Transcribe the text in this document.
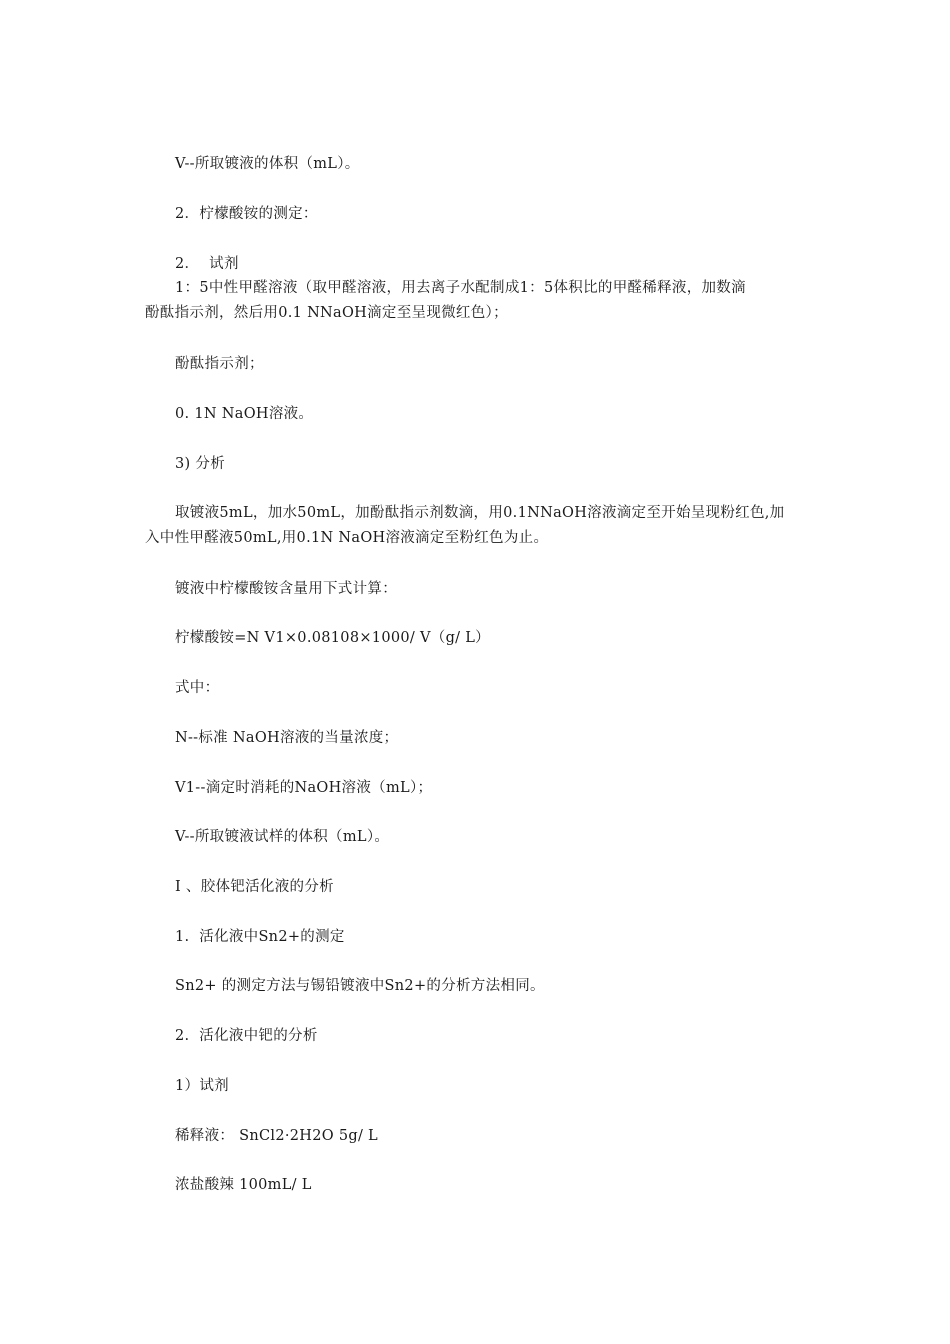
V--所取镀液的体积（mL）。
2．柠檬酸铵的测定：
2．  试剂
1：5中性甲醛溶液（取甲醛溶液，用去离子水配制成1：5体积比的甲醛稀释液，加数滴
酚酞指示剂，然后用0.1 NNaOH滴定至呈现微红色）；
酚酞指示剂；
0. 1N NaOH溶液。
3) 分析
取镀液5mL，加水50mL，加酚酞指示剂数滴，用0.1NNaOH溶液滴定至开始呈现粉红色,加
入中性甲醛液50mL,用0.1N NaOH溶液滴定至粉红色为止。
镀液中柠檬酸铵含量用下式计算：
柠檬酸铵=N V1×0.08108×1000/ V（g/ L）
式中：
N--标准 NaOH溶液的当量浓度；
V1--滴定时消耗的NaOH溶液（mL）；
V--所取镀液试样的体积（mL）。
I 、胶体钯活化液的分析
1.  活化液中Sn2+的测定
Sn2+ 的测定方法与锡铅镀液中Sn2+的分析方法相同。
2.  活化液中钯的分析
1）试剂
稀释液： SnCl2·2H2O 5g/ L
浓盐酸辣 100mL/ L
